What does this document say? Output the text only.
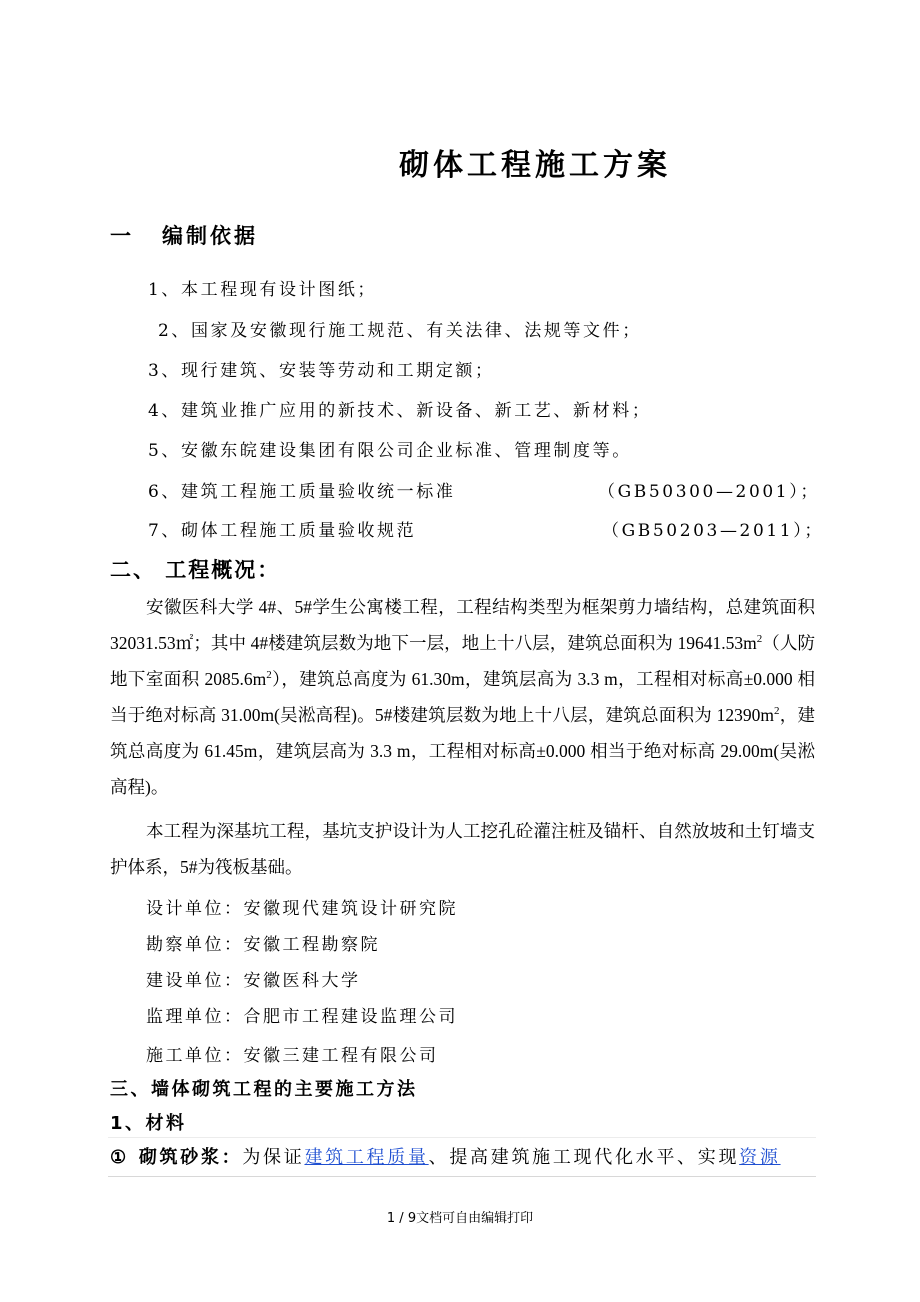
砌体工程施工方案
一 编制依据
1、本工程现有设计图纸；
2、国家及安徽现行施工规范、有关法律、法规等文件；
3、现行建筑、安装等劳动和工期定额；
4、建筑业推广应用的新技术、新设备、新工艺、新材料；
5、安徽东皖建设集团有限公司企业标准、管理制度等。
6、建筑工程施工质量验收统一标准	（GB50300—2001）；
7、砌体工程施工质量验收规范	（GB50203—2011）；
二、 工程概况：
安徽医科大学 4#、5#学生公寓楼工程，工程结构类型为框架剪力墙结构，总建筑面积 32031.53㎡；其中 4#楼建筑层数为地下一层，地上十八层，建筑总面积为 $19641.53m^2$（人防地下室面积 $2085.6m^2$），建筑总高度为 61.30m，建筑层高为 3.3 m，工程相对标高±0.000 相当于绝对标高 31.00m(吴淞高程)。5#楼建筑层数为地上十八层，建筑总面积为 $12390m^2$，建筑总高度为 61.45m，建筑层高为 3.3 m，工程相对标高±0.000 相当于绝对标高 29.00m(吴淞高程)。
本工程为深基坑工程，基坑支护设计为人工挖孔砼灌注桩及锚杆、自然放坡和土钉墙支护体系，5#为筏板基础。
设计单位：安徽现代建筑设计研究院
勘察单位：安徽工程勘察院
建设单位：安徽医科大学
监理单位：合肥市工程建设监理公司
施工单位：安徽三建工程有限公司
三、墙体砌筑工程的主要施工方法
1、材料
① 砌筑砂浆：为保证建筑工程质量、提高建筑施工现代化水平、实现资源
1 / 9文档可自由编辑打印
